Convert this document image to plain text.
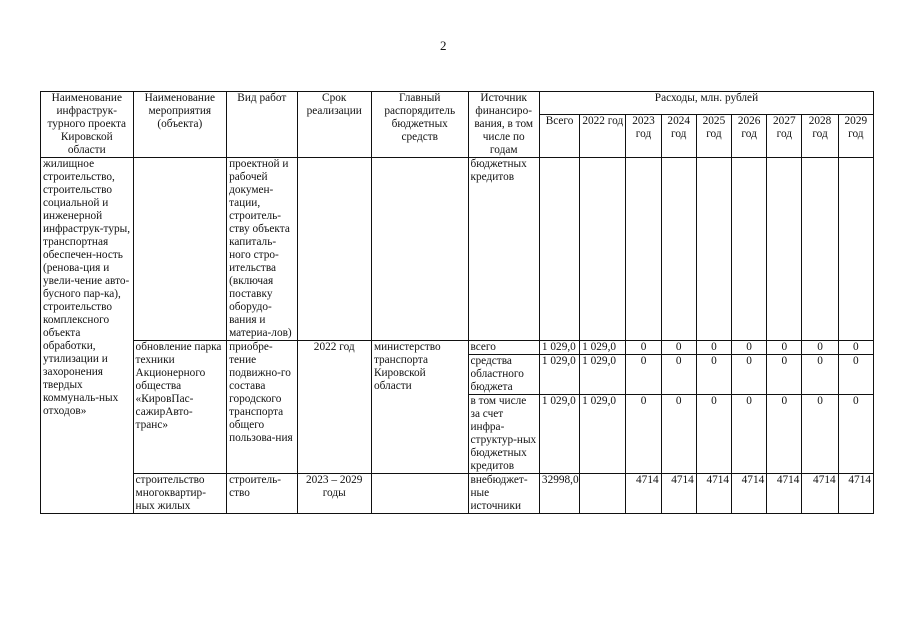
2
Наименование инфраструк-турного проекта Кировской области	Наименование мероприятия (объекта)	Вид работ	Срок реализации	Главный распорядитель бюджетных средств	Источник финансиро-вания, в том числе по годам	Расходы, млн. рублей								
						Всего	2022 год	2023 год	2024 год	2025 год	2026 год	2027 год	2028 год	2029 год
жилищное строительство, строительство социальной и инженерной инфраструк-туры, транспортная обеспечен-ность (ренова-ция и увели-чение авто-бусного пар-ка), строительство комплексного объекта обработки, утилизации и захоронения твердых коммуналь-ных отходов»		проектной и рабочей докумен-тации, строитель-ству объекта капиталь-ного стро-ительства (включая поставку оборудо-вания и материа-лов)			бюджетных кредитов									
	обновление парка техники Акционерного общества «КировПас-сажирАвто-транс»	приобре-тение подвижно-го состава городского транспорта общего пользова-ния	2022 год	министерство транспорта Кировской области	всего	1 029,0	1 029,0	0	0	0	0	0	0	0
					средства областного бюджета	1 029,0	1 029,0	0	0	0	0	0	0	0
					в том числе за счет инфра-структур-ных бюджетных кредитов	1 029,0	1 029,0	0	0	0	0	0	0	0
	строительство многоквартир-ных жилых	строитель-ство	2023 – 2029 годы		внебюджет-ные источники	32998,0		4714	4714	4714	4714	4714	4714	4714
